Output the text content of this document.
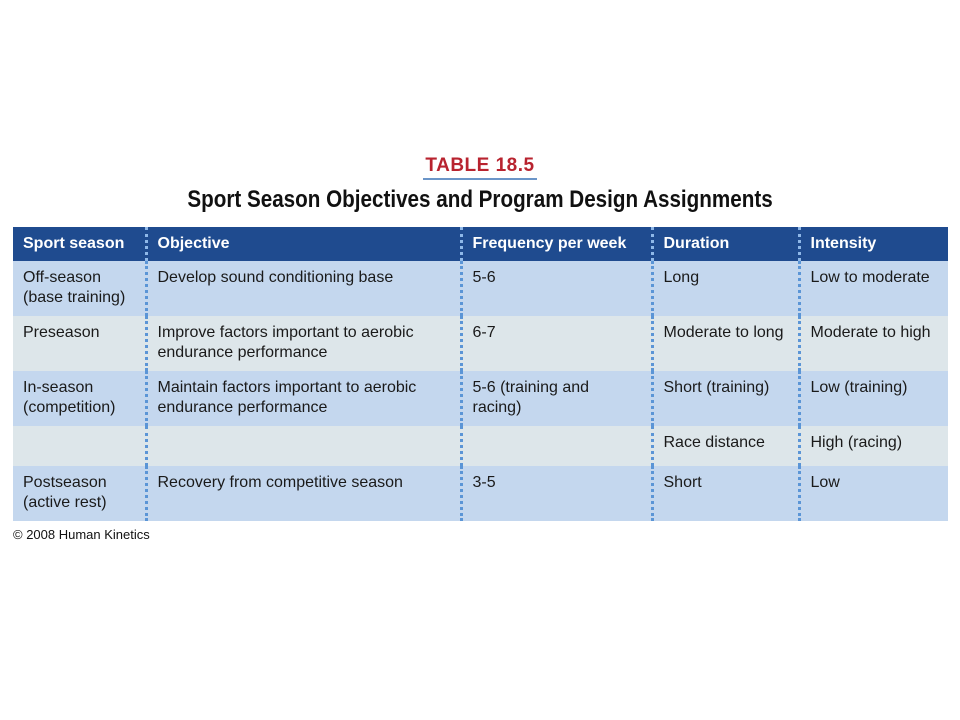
TABLE 18.5
Sport Season Objectives and Program Design Assignments
Sport season	Objective	Frequency per week	Duration	Intensity
Off-season (base training)	Develop sound conditioning base	5-6	Long	Low to moderate
Preseason	Improve factors important to aerobic endurance performance	6-7	Moderate to long	Moderate to high
In-season (competition)	Maintain factors important to aerobic endurance performance	5-6 (training and racing)	Short (training)	Low (training)
			Race distance	High (racing)
Postseason (active rest)	Recovery from competitive season	3-5	Short	Low
© 2008 Human Kinetics
